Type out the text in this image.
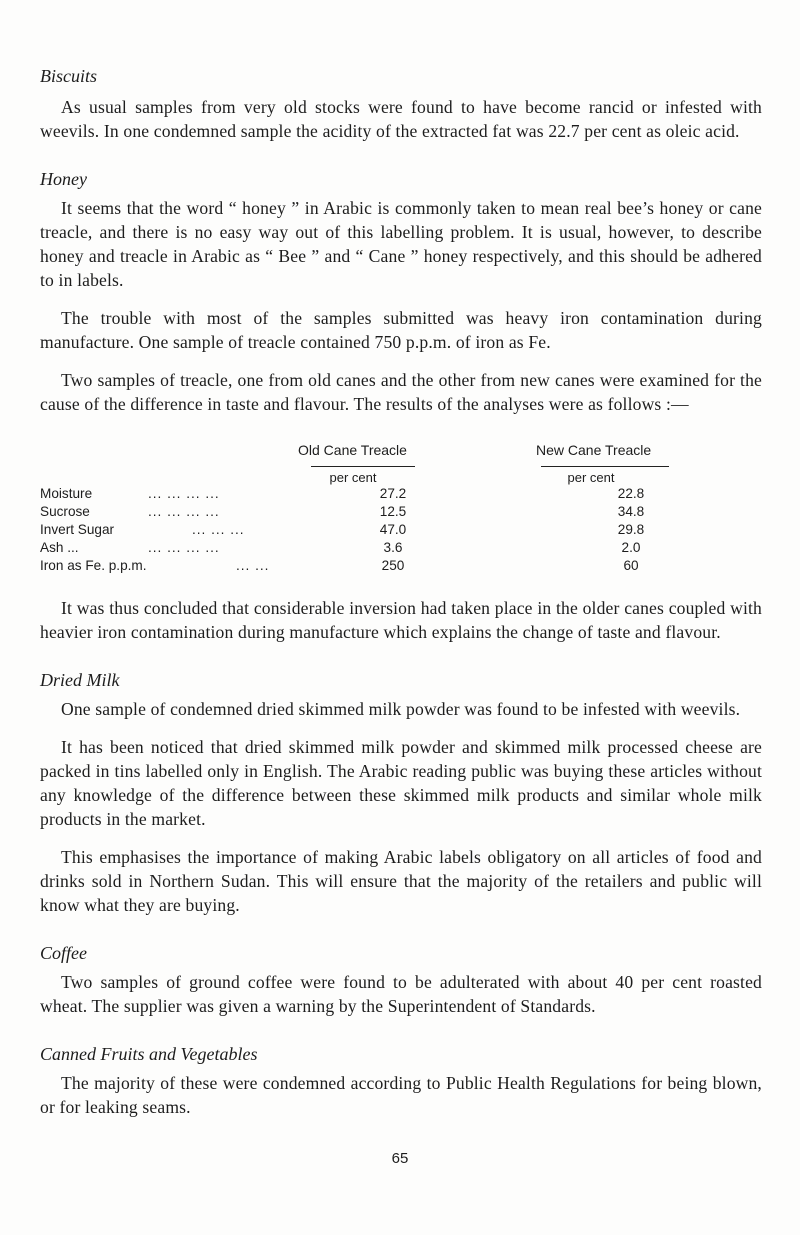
Biscuits

As usual samples from very old stocks were found to have become rancid or infested with weevils. In one condemned sample the acidity of the extracted fat was 22.7 per cent as oleic acid.

Honey

It seems that the word “ honey ” in Arabic is commonly taken to mean real bee’s honey or cane treacle, and there is no easy way out of this labelling problem. It is usual, however, to describe honey and treacle in Arabic as “ Bee ” and “ Cane ” honey respectively, and this should be adhered to in labels.

The trouble with most of the samples submitted was heavy iron contamination during manufacture. One sample of treacle contained 750 p.p.m. of iron as Fe.

Old Cane Treacle	New Cane Treacle
per cent	per cent
Moisture	... ... ... ...	27.2	22.8
Sucrose	... ... ... ...	12.5	34.8
Invert Sugar	... ... ...	47.0	29.8
Ash ...	... ... ... ...	3.6	2.0
Iron as Fe. p.p.m.	... ...	250	60

It was thus concluded that considerable inversion had taken place in the older canes coupled with heavier iron contamination during manufacture which explains the change of taste and flavour.

Dried Milk

One sample of condemned dried skimmed milk powder was found to be infested with weevils.

It has been noticed that dried skimmed milk powder and skimmed milk processed cheese are packed in tins labelled only in English. The Arabic reading public was buying these articles without any knowledge of the difference between these skimmed milk products and similar whole milk products in the market.

This emphasises the importance of making Arabic labels obligatory on all articles of food and drinks sold in Northern Sudan. This will ensure that the majority of the retailers and public will know what they are buying.

Coffee

Two samples of ground coffee were found to be adulterated with about 40 per cent roasted wheat. The supplier was given a warning by the Superintendent of Standards.

Canned Fruits and Vegetables

The majority of these were condemned according to Public Health Regulations for being blown, or for leaking seams.

65

Two samples of treacle, one from old canes and the other from new canes were examined for the cause of the difference in taste and flavour. The results of the analyses were as follows :—
